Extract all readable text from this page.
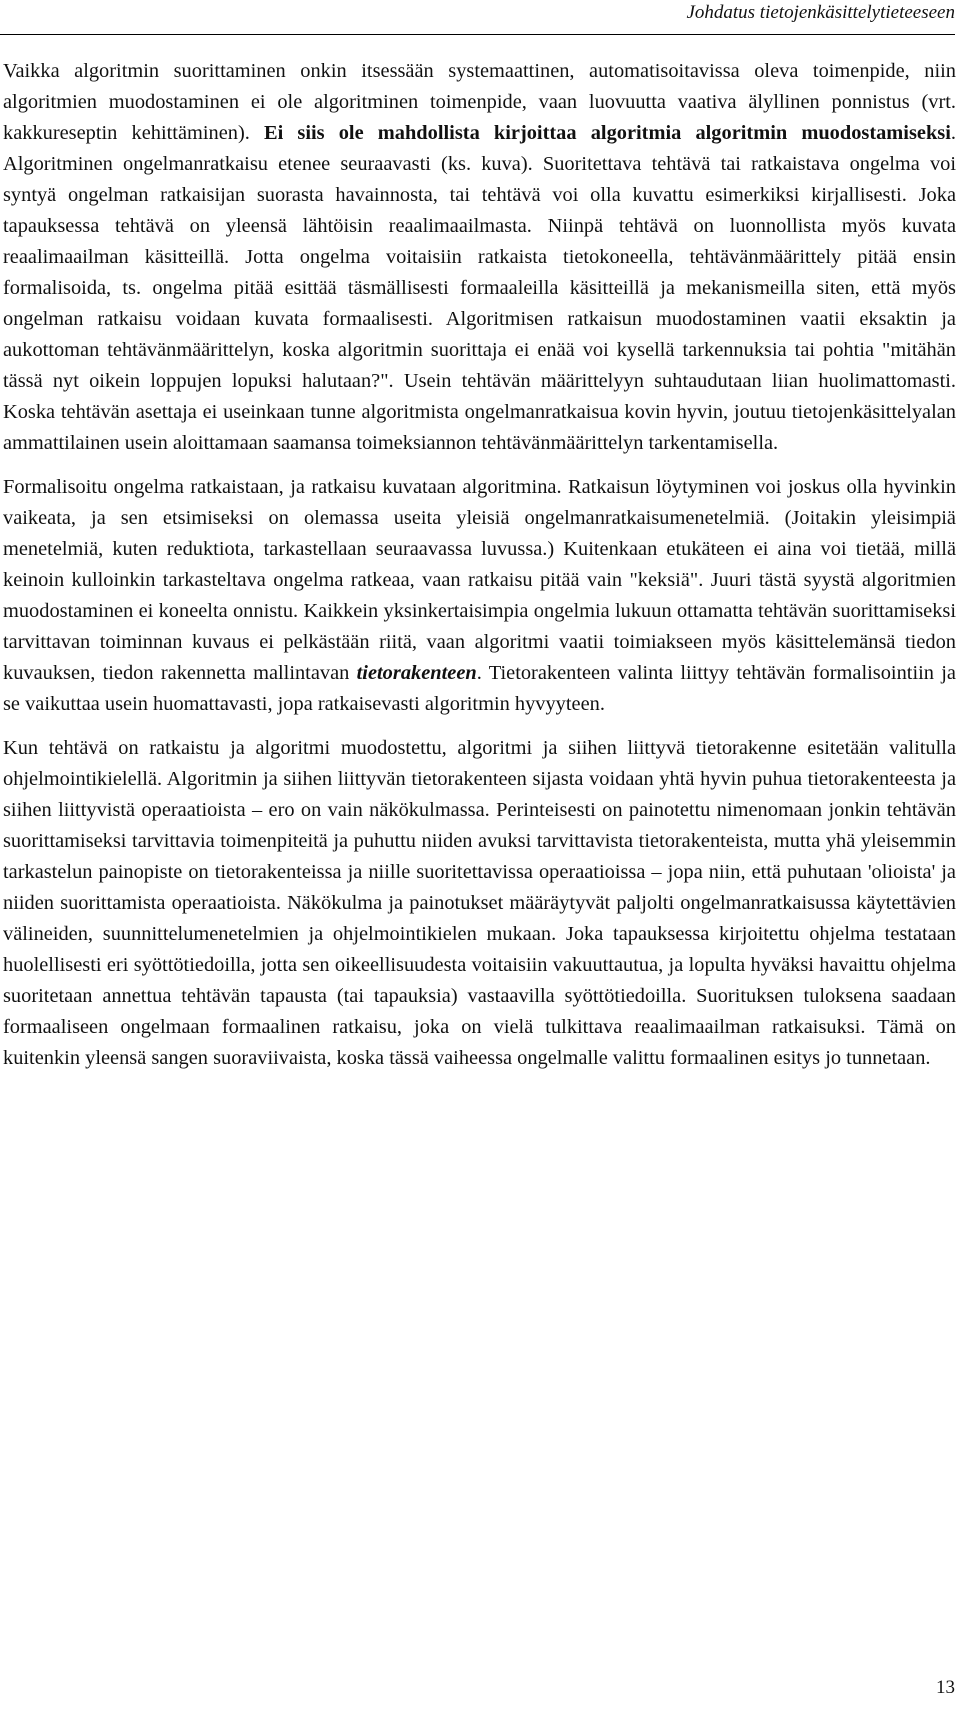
Johdatus tietojenkäsittelytieteeseen

Vaikka algoritmin suorittaminen onkin itsessään systemaattinen, automatisoitavissa oleva toimenpide, niin algoritmien muodostaminen ei ole algoritminen toimenpide, vaan luovuutta vaativa älyllinen ponnistus (vrt. kakkureseptin kehittäminen). Ei siis ole mahdollista kirjoittaa algoritmia algoritmin muodostamiseksi. Algoritminen ongelmanratkaisu etenee seuraavasti (ks. kuva). Suoritettava tehtävä tai ratkaistava ongelma voi syntyä ongelman ratkaisijan suorasta havainnosta, tai tehtävä voi olla kuvattu esimerkiksi kirjallisesti. Joka tapauksessa tehtävä on yleensä lähtöisin reaalimaailmasta. Niinpä tehtävä on luonnollista myös kuvata reaalimaailman käsitteillä. Jotta ongelma voitaisiin ratkaista tietokoneella, tehtävänmäärittely pitää ensin formalisoida, ts. ongelma pitää esittää täsmällisesti formaaleilla käsitteillä ja mekanismeilla siten, että myös ongelman ratkaisu voidaan kuvata formaalisesti. Algoritmisen ratkaisun muodostaminen vaatii eksaktin ja aukottoman tehtävänmäärittelyn, koska algoritmin suorittaja ei enää voi kysellä tarkennuksia tai pohtia "mitähän tässä nyt oikein loppujen lopuksi halutaan?". Usein tehtävän määrittelyyn suhtaudutaan liian huolimattomasti. Koska tehtävän asettaja ei useinkaan tunne algoritmista ongelmanratkaisua kovin hyvin, joutuu tietojenkäsittelyalan ammattilainen usein aloittamaan saamansa toimeksiannon tehtävänmäärittelyn tarkentamisella.

Formalisoitu ongelma ratkaistaan, ja ratkaisu kuvataan algoritmina. Ratkaisun löytyminen voi joskus olla hyvinkin vaikeata, ja sen etsimiseksi on olemassa useita yleisiä ongelmanratkaisumenetelmiä. (Joitakin yleisimpiä menetelmiä, kuten reduktiota, tarkastellaan seuraavassa luvussa.) Kuitenkaan etukäteen ei aina voi tietää, millä keinoin kulloinkin tarkasteltava ongelma ratkeaa, vaan ratkaisu pitää vain "keksiä". Juuri tästä syystä algoritmien muodostaminen ei koneelta onnistu. Kaikkein yksinkertaisimpia ongelmia lukuun ottamatta tehtävän suorittamiseksi tarvittavan toiminnan kuvaus ei pelkästään riitä, vaan algoritmi vaatii toimiakseen myös käsittelemänsä tiedon kuvauksen, tiedon rakennetta mallintavan tietorakenteen. Tietorakenteen valinta liittyy tehtävän formalisointiin ja se vaikuttaa usein huomattavasti, jopa ratkaisevasti algoritmin hyvyyteen.

Kun tehtävä on ratkaistu ja algoritmi muodostettu, algoritmi ja siihen liittyvä tietorakenne esitetään valitulla ohjelmointikielellä. Algoritmin ja siihen liittyvän tietorakenteen sijasta voidaan yhtä hyvin puhua tietorakenteesta ja siihen liittyvistä operaatioista – ero on vain näkökulmassa. Perinteisesti on painotettu nimenomaan jonkin tehtävän suorittamiseksi tarvittavia toimenpiteitä ja puhuttu niiden avuksi tarvittavista tietorakenteista, mutta yhä yleisemmin tarkastelun painopiste on tietorakenteissa ja niille suoritettavissa operaatioissa – jopa niin, että puhutaan 'olioista' ja niiden suorittamista operaatioista. Näkökulma ja painotukset määräytyvät paljolti ongelmanratkaisussa käytettävien välineiden, suunnittelumenetelmien ja ohjelmointikielen mukaan. Joka tapauksessa kirjoitettu ohjelma testataan huolellisesti eri syöttötiedoilla, jotta sen oikeellisuudesta voitaisiin vakuuttautua, ja lopulta hyväksi havaittu ohjelma suoritetaan annettua tehtävän tapausta (tai tapauksia) vastaavilla syöttötiedoilla. Suorituksen tuloksena saadaan formaaliseen ongelmaan formaalinen ratkaisu, joka on vielä tulkittava reaalimaailman ratkaisuksi. Tämä on kuitenkin yleensä sangen suoraviivaista, koska tässä vaiheessa ongelmalle valittu formaalinen esitys jo tunnetaan.

13
